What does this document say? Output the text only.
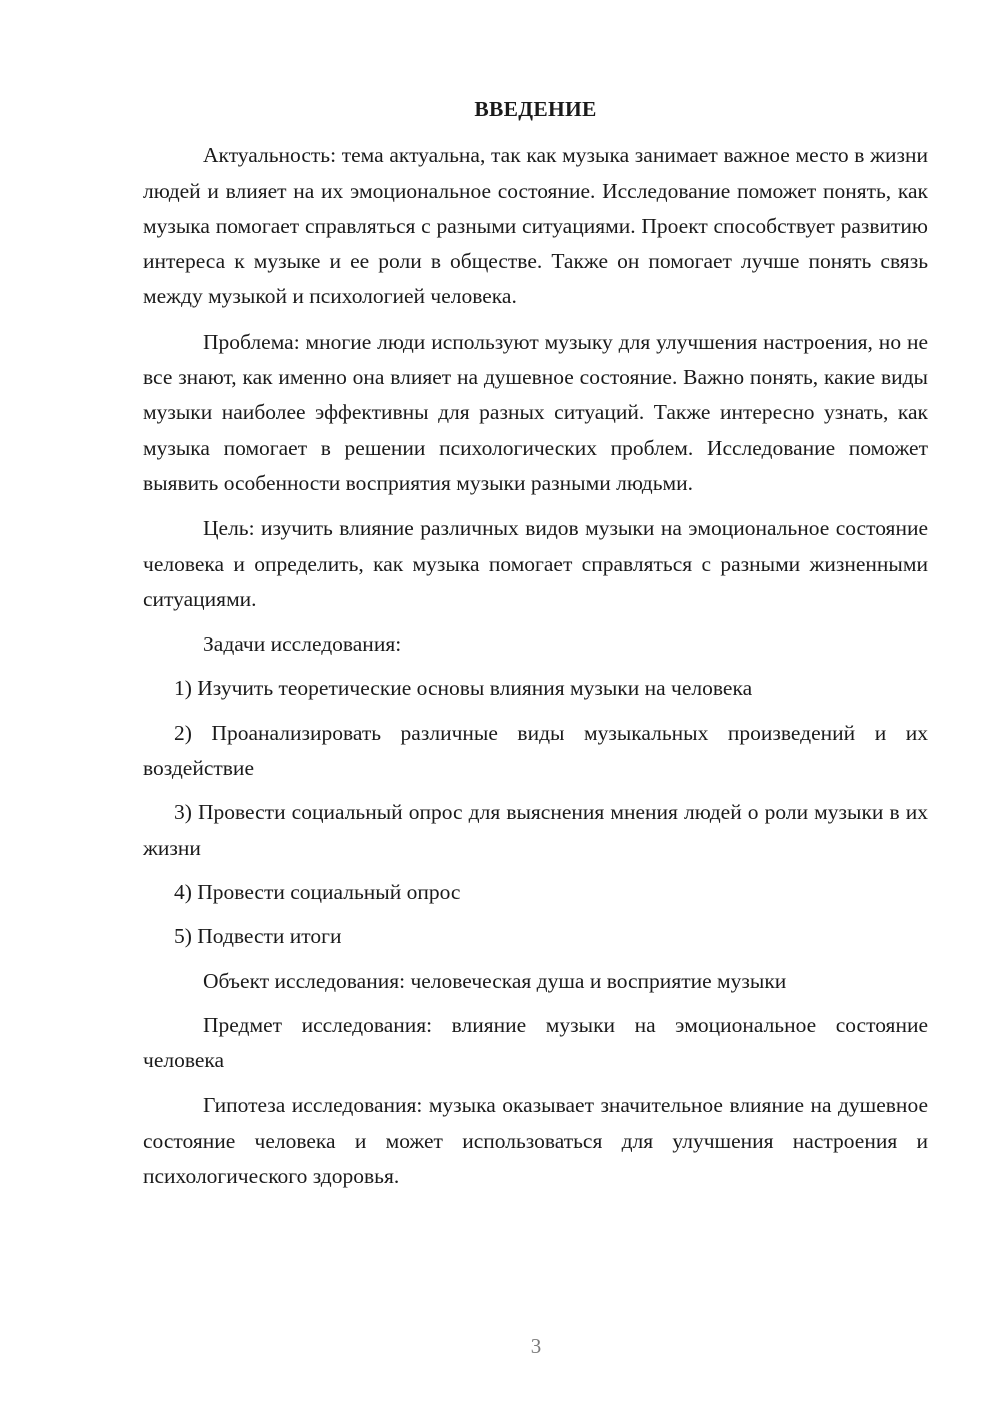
ВВЕДЕНИЕ

Актуальность: тема актуальна, так как музыка занимает важное место в жизни людей и влияет на их эмоциональное состояние. Исследование поможет понять, как музыка помогает справляться с разными ситуациями. Проект способствует развитию интереса к музыке и ее роли в обществе. Также он помогает лучше понять связь между музыкой и психологией человека.

Проблема: многие люди используют музыку для улучшения настроения, но не все знают, как именно она влияет на душевное состояние. Важно понять, какие виды музыки наиболее эффективны для разных ситуаций. Также интересно узнать, как музыка помогает в решении психологических проблем. Исследование поможет выявить особенности восприятия музыки разными людьми.

Цель: изучить влияние различных видов музыки на эмоциональное состояние человека и определить, как музыка помогает справляться с разными жизненными ситуациями.

Задачи исследования:

1) Изучить теоретические основы влияния музыки на человека

2) Проанализировать различные виды музыкальных произведений и их воздействие

3) Провести социальный опрос для выяснения мнения людей о роли музыки в их жизни

4) Провести социальный опрос

5) Подвести итоги

Объект исследования: человеческая душа и восприятие музыки

Предмет исследования: влияние музыки на эмоциональное состояние человека

Гипотеза исследования: музыка оказывает значительное влияние на душевное состояние человека и может использоваться для улучшения настроения и психологического здоровья.

3
